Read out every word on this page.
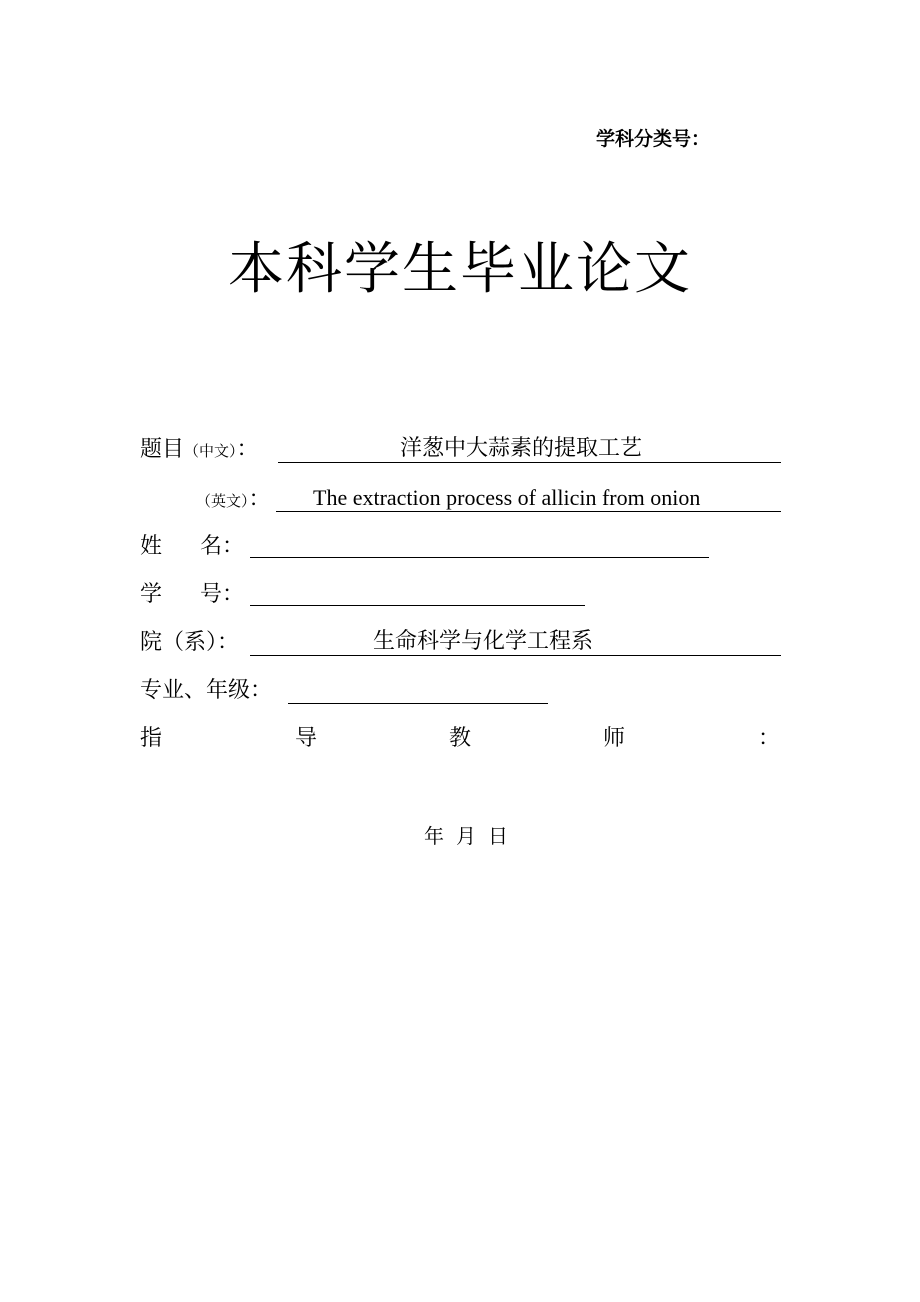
学科分类号：
本科学生毕业论文
题目（中文）：	洋葱中大蒜素的提取工艺
（英文）： The extraction process of allicin from onion
姓 名：
学 号：
院（系）：	生命科学与化学工程系
专业、年级：
指	导	教	师	：
年 月 日
